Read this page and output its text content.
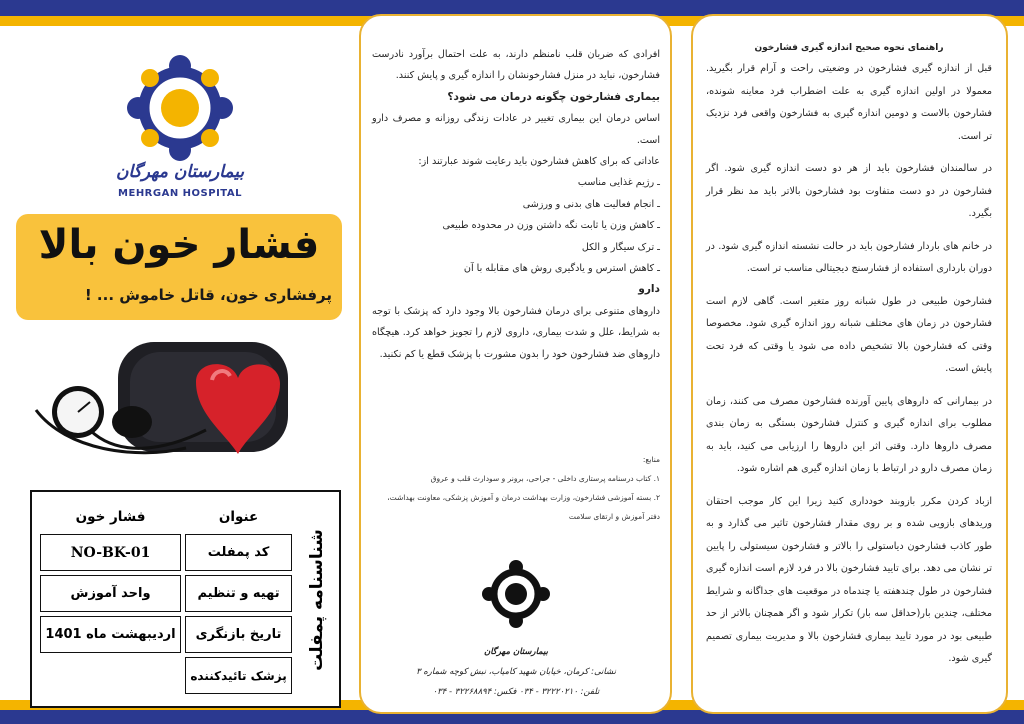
بیمارستان مهرگان
MEHRGAN HOSPITAL
فشار خون بالا
پرفشاری خون، قاتل خاموش ... !
عنوان	فشار خون
کد پمفلت	NO-BK-01
تهیه و تنظیم	واحد آموزش
تاریخ بازنگری	اردیبهشت ماه 1401
پزشک تائیدکننده	
شناسنامه پمفلت

افرادی که ضربان قلب نامنظم دارند، به علت احتمال برآورد نادرست فشارخون، نباید در منزل فشارخونشان را اندازه گیری و پایش کنند.

بیماری فشارخون چگونه درمان می شود؟

اساس درمان این بیماری تغییر در عادات زندگی روزانه و مصرف دارو است.

عاداتی که برای کاهش فشارخون باید رعایت شوند عبارتند از:

ـ رژیم غذایی مناسب

ـ انجام فعالیت های بدنی و ورزشی

ـ کاهش وزن یا ثابت نگه داشتن وزن در محدوده طبیعی

ـ ترک سیگار و الکل

ـ کاهش استرس و یادگیری روش های مقابله با آن

دارو

داروهای متنوعی برای درمان فشارخون بالا وجود دارد که پزشک با توجه به شرایط، علل و شدت بیماری، داروی لازم را تجویز خواهد کرد. هیچگاه داروهای ضد فشارخون خود را بدون مشورت با پزشک قطع یا کم نکنید.

منابع:

۱. کتاب درسنامه پرستاری داخلی - جراحی، برونر و سودارث قلب و عروق

۲. بسته آموزشی فشارخون، وزارت بهداشت درمان و آموزش پزشکی، معاونت بهداشت، دفتر آموزش و ارتقای سلامت

بیمارستان مهرگان

نشانی: کرمان، خیابان شهید کامیاب، نبش کوچه شماره ۳

تلفن: ۳۲۲۲۰۲۱۰ - ۰۳۴ فکس: ۳۲۲۶۸۸۹۴ - ۰۳۴

راهنمای نحوه صحیح اندازه گیری فشارخون

قبل از اندازه گیری فشارخون در وضعیتی راحت و آرام قرار بگیرید. معمولا در اولین اندازه گیری به علت اضطراب فرد معاینه شونده، فشارخون بالاست و دومین اندازه گیری به فشارخون واقعی فرد نزدیک تر است.

در سالمندان فشارخون باید از هر دو دست اندازه گیری شود. اگر فشارخون در دو دست متفاوت بود فشارخون بالاتر باید مد نظر قرار بگیرد.

در خانم های باردار فشارخون باید در حالت نشسته اندازه گیری شود. در دوران بارداری استفاده از فشارسنج دیجیتالی مناسب تر است.

فشارخون طبیعی در طول شبانه روز متغیر است. گاهی لازم است فشارخون در زمان های مختلف شبانه روز اندازه گیری شود. مخصوصا وقتی که فشارخون بالا تشخیص داده می شود یا وقتی که فرد تحت پایش است.

در بیمارانی که داروهای پایین آورنده فشارخون مصرف می کنند، زمان مطلوب برای اندازه گیری و کنترل فشارخون بستگی به زمان بندی مصرف داروها دارد. وقتی اثر این داروها را ارزیابی می کنید، باید به زمان مصرف دارو در ارتباط با زمان اندازه گیری هم اشاره شود.

ازباد کردن مکرر بازوبند خودداری کنید زیرا این کار موجب احتقان وریدهای بازویی شده و بر روی مقدار فشارخون تاثیر می گذارد و به طور کاذب فشارخون دیاستولی را بالاتر و فشارخون سیستولی را پایین تر نشان می دهد. برای تایید فشارخون بالا در فرد لازم است اندازه گیری فشارخون در طول چندهفته یا چندماه در موقعیت های جداگانه و شرایط مختلف، چندین بار(حداقل سه بار) تکرار شود و اگر همچنان بالاتر از حد طبیعی بود در مورد تایید بیماری فشارخون بالا و مدیریت بیماری تصمیم گیری شود.
